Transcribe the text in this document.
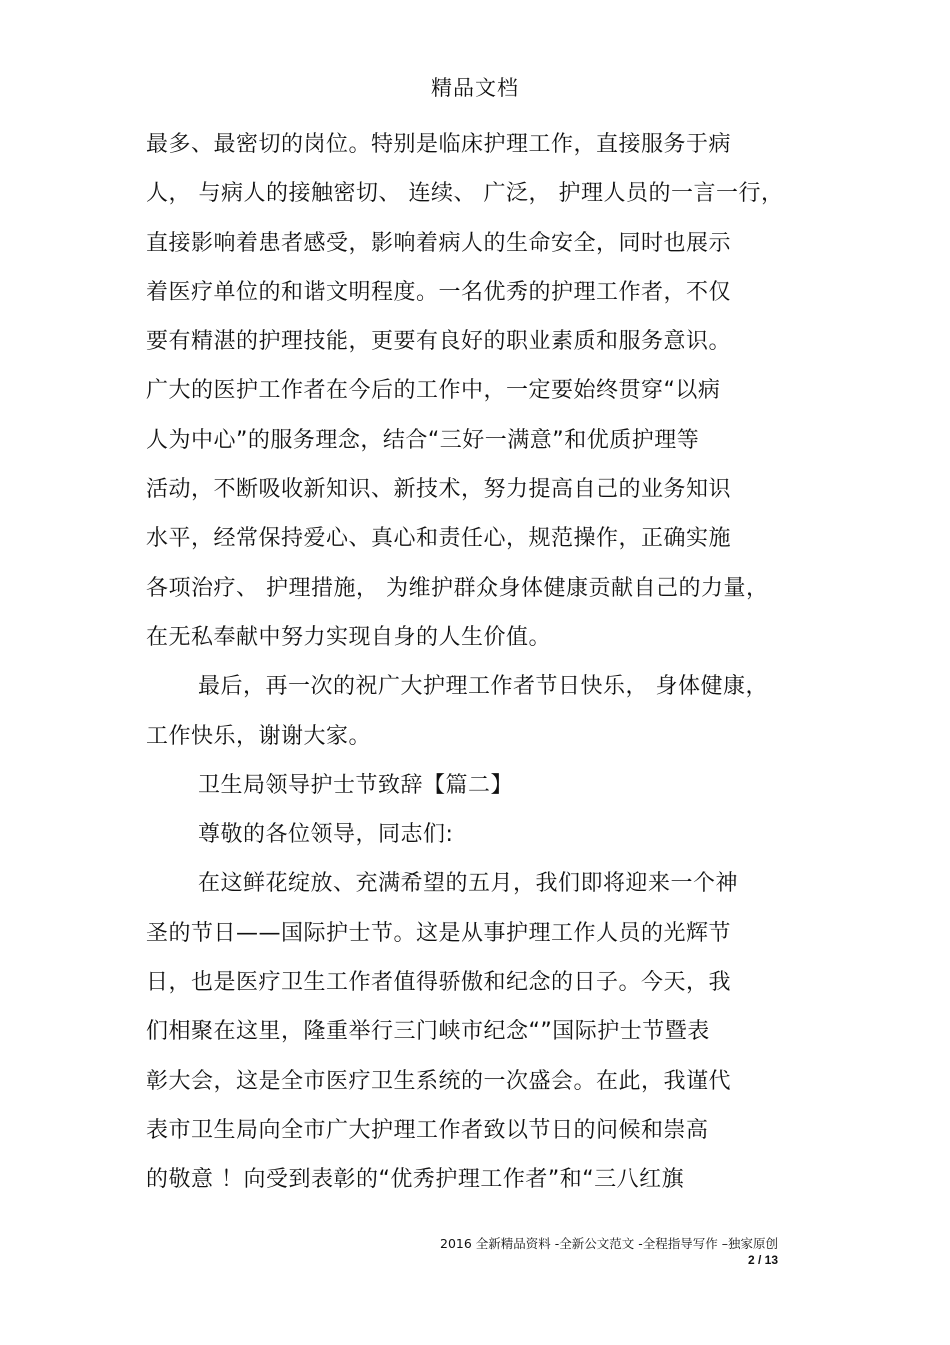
精品文档
最多、最密切的岗位。特别是临床护理工作，直接服务于病
人， 与病人的接触密切、 连续、 广泛， 护理人员的一言一行，
直接影响着患者感受，影响着病人的生命安全，同时也展示
着医疗单位的和谐文明程度。一名优秀的护理工作者，不仅
要有精湛的护理技能，更要有良好的职业素质和服务意识。
广大的医护工作者在今后的工作中，一定要始终贯穿“以病
人为中心”的服务理念，结合“三好一满意”和优质护理等
活动，不断吸收新知识、新技术，努力提高自己的业务知识
水平，经常保持爱心、真心和责任心，规范操作，正确实施
各项治疗、 护理措施， 为维护群众身体健康贡献自己的力量，
在无私奉献中努力实现自身的人生价值。
最后，再一次的祝广大护理工作者节日快乐， 身体健康，
工作快乐，谢谢大家。
卫生局领导护士节致辞【篇二】
尊敬的各位领导，同志们:
在这鲜花绽放、充满希望的五月，我们即将迎来一个神
圣的节日——国际护士节。这是从事护理工作人员的光辉节
日，也是医疗卫生工作者值得骄傲和纪念的日子。今天，我
们相聚在这里，隆重举行三门峡市纪念“”国际护士节暨表
彰大会，这是全市医疗卫生系统的一次盛会。在此，我谨代
表市卫生局向全市广大护理工作者致以节日的问候和崇高
的敬意 ！向受到表彰的“优秀护理工作者”和“三八红旗
2016 全新精品资料 -全新公文范文 -全程指导写作 –独家原创
2 / 13
